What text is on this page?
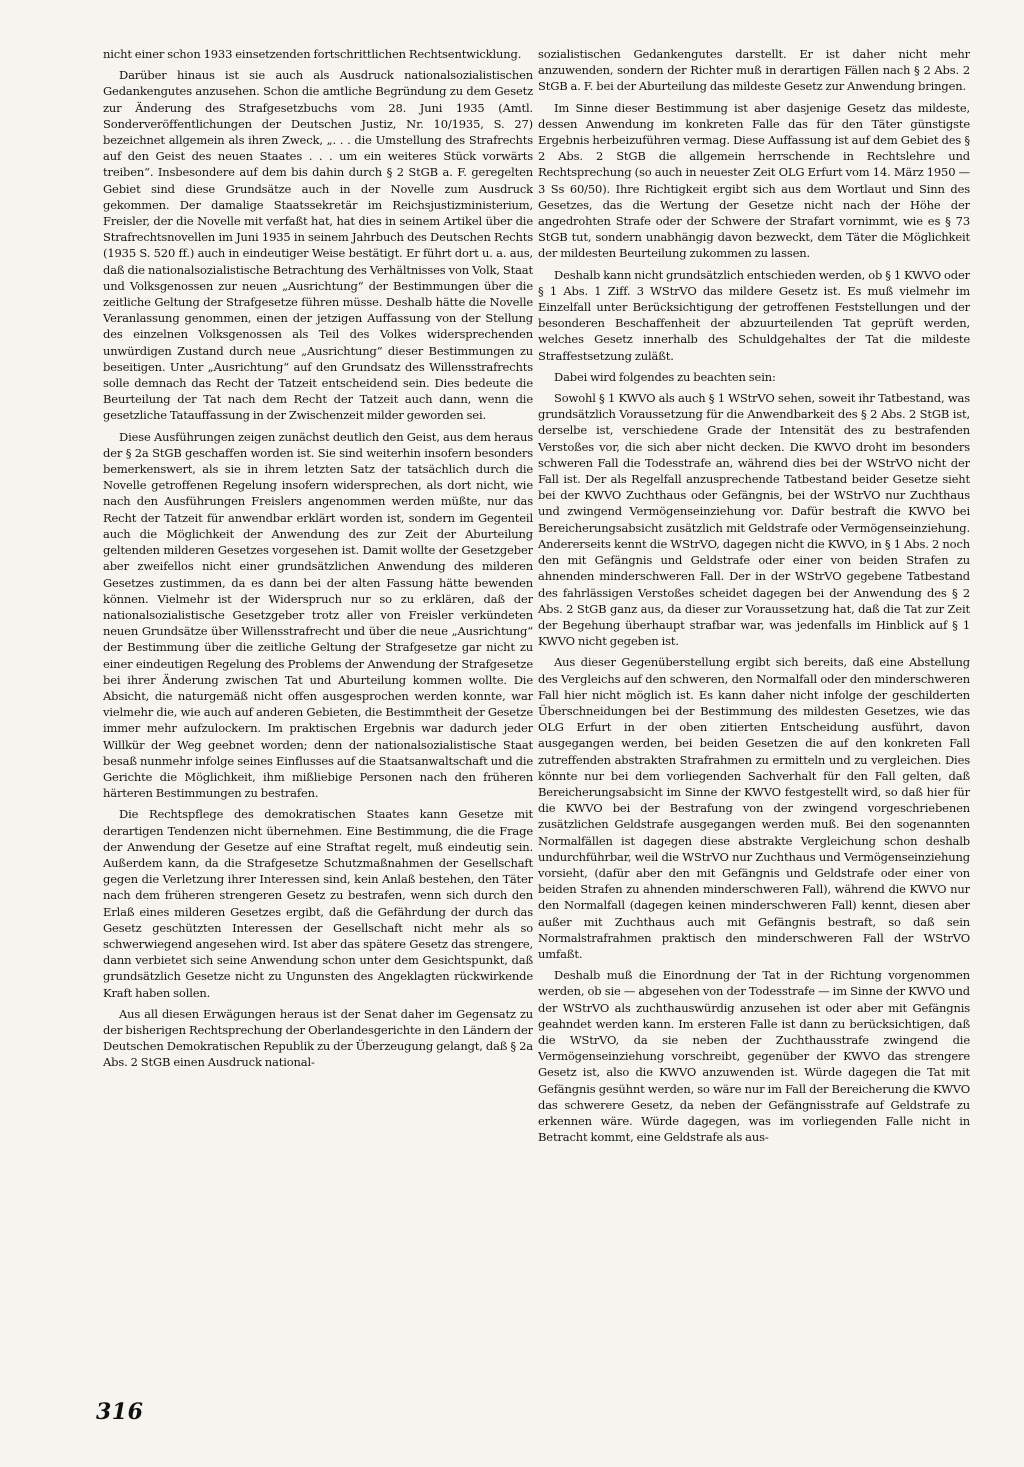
nicht einer schon 1933 einsetzenden fortschrittlichen Rechtsentwicklung.

Darüber hinaus ist sie auch als Ausdruck nationalsozialistischen Gedankengutes anzusehen. Schon die amtliche Begründung zu dem Gesetz zur Änderung des Strafgesetzbuchs vom 28. Juni 1935 (Amtl. Sonderveröffentlichungen der Deutschen Justiz, Nr. 10/1935, S. 27) bezeichnet allgemein als ihren Zweck, „. . . die Umstellung des Strafrechts auf den Geist des neuen Staates . . . um ein weiteres Stück vorwärts treiben“. Insbesondere auf dem bis dahin durch § 2 StGB a. F. geregelten Gebiet sind diese Grundsätze auch in der Novelle zum Ausdruck gekommen. Der damalige Staatssekretär im Reichsjustizministerium, Freisler, der die Novelle mit verfaßt hat, hat dies in seinem Artikel über die Strafrechtsnovellen im Juni 1935 in seinem Jahrbuch des Deutschen Rechts (1935 S. 520 ff.) auch in eindeutiger Weise bestätigt. Er führt dort u. a. aus, daß die nationalsozialistische Betrachtung des Verhältnisses von Volk, Staat und Volksgenossen zur neuen „Ausrichtung“ der Bestimmungen über die zeitliche Geltung der Strafgesetze führen müsse. Deshalb hätte die Novelle Veranlassung genommen, einen der jetzigen Auffassung von der Stellung des einzelnen Volksgenossen als Teil des Volkes widersprechenden unwürdigen Zustand durch neue „Ausrichtung“ dieser Bestimmungen zu beseitigen. Unter „Ausrichtung“ auf den Grundsatz des Willensstrafrechts solle demnach das Recht der Tatzeit entscheidend sein. Dies bedeute die Beurteilung der Tat nach dem Recht der Tatzeit auch dann, wenn die gesetzliche Tatauffassung in der Zwischenzeit milder geworden sei.

Diese Ausführungen zeigen zunächst deutlich den Geist, aus dem heraus der § 2a StGB geschaffen worden ist. Sie sind weiterhin insofern besonders bemerkenswert, als sie in ihrem letzten Satz der tatsächlich durch die Novelle getroffenen Regelung insofern widersprechen, als dort nicht, wie nach den Ausführungen Freislers angenommen werden müßte, nur das Recht der Tatzeit für anwendbar erklärt worden ist, sondern im Gegenteil auch die Möglichkeit der Anwendung des zur Zeit der Aburteilung geltenden milderen Gesetzes vorgesehen ist. Damit wollte der Gesetzgeber aber zweifellos nicht einer grundsätzlichen Anwendung des milderen Gesetzes zustimmen, da es dann bei der alten Fassung hätte bewenden können. Vielmehr ist der Widerspruch nur so zu erklären, daß der nationalsozialistische Gesetzgeber trotz aller von Freisler verkündeten neuen Grundsätze über Willensstrafrecht und über die neue „Ausrichtung“ der Bestimmung über die zeitliche Geltung der Strafgesetze gar nicht zu einer eindeutigen Regelung des Problems der Anwendung der Strafgesetze bei ihrer Änderung zwischen Tat und Aburteilung kommen wollte. Die Absicht, die naturgemäß nicht offen ausgesprochen werden konnte, war vielmehr die, wie auch auf anderen Gebieten, die Bestimmtheit der Gesetze immer mehr aufzulockern. Im praktischen Ergebnis war dadurch jeder Willkür der Weg geebnet worden; denn der nationalsozialistische Staat besaß nunmehr infolge seines Einflusses auf die Staatsanwaltschaft und die Gerichte die Möglichkeit, ihm mißliebige Personen nach den früheren härteren Bestimmungen zu bestrafen.

Die Rechtspflege des demokratischen Staates kann Gesetze mit derartigen Tendenzen nicht übernehmen. Eine Bestimmung, die die Frage der Anwendung der Gesetze auf eine Straftat regelt, muß eindeutig sein. Außerdem kann, da die Strafgesetze Schutzmaßnahmen der Gesellschaft gegen die Verletzung ihrer Interessen sind, kein Anlaß bestehen, den Täter nach dem früheren strengeren Gesetz zu bestrafen, wenn sich durch den Erlaß eines milderen Gesetzes ergibt, daß die Gefährdung der durch das Gesetz geschützten Interessen der Gesellschaft nicht mehr als so schwerwiegend angesehen wird. Ist aber das spätere Gesetz das strengere, dann verbietet sich seine Anwendung schon unter dem Gesichtspunkt, daß grundsätzlich Gesetze nicht zu Ungunsten des Angeklagten rückwirkende Kraft haben sollen.

Aus all diesen Erwägungen heraus ist der Senat daher im Gegensatz zu der bisherigen Rechtsprechung der Oberlandesgerichte in den Ländern der Deutschen Demokratischen Republik zu der Überzeugung gelangt, daß § 2a Abs. 2 StGB einen Ausdruck national-

sozialistischen Gedankengutes darstellt. Er ist daher nicht mehr anzuwenden, sondern der Richter muß in derartigen Fällen nach § 2 Abs. 2 StGB a. F. bei der Aburteilung das mildeste Gesetz zur Anwendung bringen.

Im Sinne dieser Bestimmung ist aber dasjenige Gesetz das mildeste, dessen Anwendung im konkreten Falle das für den Täter günstigste Ergebnis herbeizuführen vermag. Diese Auffassung ist auf dem Gebiet des § 2 Abs. 2 StGB die allgemein herrschende in Rechtslehre und Rechtsprechung (so auch in neuester Zeit OLG Erfurt vom 14. März 1950 — 3 Ss 60/50). Ihre Richtigkeit ergibt sich aus dem Wortlaut und Sinn des Gesetzes, das die Wertung der Gesetze nicht nach der Höhe der angedrohten Strafe oder der Schwere der Strafart vornimmt, wie es § 73 StGB tut, sondern unabhängig davon bezweckt, dem Täter die Möglichkeit der mildesten Beurteilung zukommen zu lassen.

Deshalb kann nicht grundsätzlich entschieden werden, ob § 1 KWVO oder § 1 Abs. 1 Ziff. 3 WStrVO das mildere Gesetz ist. Es muß vielmehr im Einzelfall unter Berücksichtigung der getroffenen Feststellungen und der besonderen Beschaffenheit der abzuurteilenden Tat geprüft werden, welches Gesetz innerhalb des Schuldgehaltes der Tat die mildeste Straffestsetzung zuläßt.

Dabei wird folgendes zu beachten sein:

Sowohl § 1 KWVO als auch § 1 WStrVO sehen, soweit ihr Tatbestand, was grundsätzlich Voraussetzung für die Anwendbarkeit des § 2 Abs. 2 StGB ist, derselbe ist, verschiedene Grade der Intensität des zu bestrafenden Verstoßes vor, die sich aber nicht decken. Die KWVO droht im besonders schweren Fall die Todesstrafe an, während dies bei der WStrVO nicht der Fall ist. Der als Regelfall anzusprechende Tatbestand beider Gesetze sieht bei der KWVO Zuchthaus oder Gefängnis, bei der WStrVO nur Zuchthaus und zwingend Vermögenseinziehung vor. Dafür bestraft die KWVO bei Bereicherungsabsicht zusätzlich mit Geldstrafe oder Vermögenseinziehung. Andererseits kennt die WStrVO, dagegen nicht die KWVO, in § 1 Abs. 2 noch den mit Gefängnis und Geldstrafe oder einer von beiden Strafen zu ahnenden minderschweren Fall. Der in der WStrVO gegebene Tatbestand des fahrlässigen Verstoßes scheidet dagegen bei der Anwendung des § 2 Abs. 2 StGB ganz aus, da dieser zur Voraussetzung hat, daß die Tat zur Zeit der Begehung überhaupt strafbar war, was jedenfalls im Hinblick auf § 1 KWVO nicht gegeben ist.

Aus dieser Gegenüberstellung ergibt sich bereits, daß eine Abstellung des Vergleichs auf den schweren, den Normalfall oder den minderschweren Fall hier nicht möglich ist. Es kann daher nicht infolge der geschilderten Überschneidungen bei der Bestimmung des mildesten Gesetzes, wie das OLG Erfurt in der oben zitierten Entscheidung ausführt, davon ausgegangen werden, bei beiden Gesetzen die auf den konkreten Fall zutreffenden abstrakten Strafrahmen zu ermitteln und zu vergleichen. Dies könnte nur bei dem vorliegenden Sachverhalt für den Fall gelten, daß Bereicherungsabsicht im Sinne der KWVO festgestellt wird, so daß hier für die KWVO bei der Bestrafung von der zwingend vorgeschriebenen zusätzlichen Geldstrafe ausgegangen werden muß. Bei den sogenannten Normalfällen ist dagegen diese abstrakte Vergleichung schon deshalb undurchführbar, weil die WStrVO nur Zuchthaus und Vermögenseinziehung vorsieht, (dafür aber den mit Gefängnis und Geldstrafe oder einer von beiden Strafen zu ahnenden minderschweren Fall), während die KWVO nur den Normalfall (dagegen keinen minderschweren Fall) kennt, diesen aber außer mit Zuchthaus auch mit Gefängnis bestraft, so daß sein Normalstrafrahmen praktisch den minderschweren Fall der WStrVO umfaßt.

Deshalb muß die Einordnung der Tat in der Richtung vorgenommen werden, ob sie — abgesehen von der Todesstrafe — im Sinne der KWVO und der WStrVO als zuchthauswürdig anzusehen ist oder aber mit Gefängnis geahndet werden kann. Im ersteren Falle ist dann zu berücksichtigen, daß die WStrVO, da sie neben der Zuchthausstrafe zwingend die Vermögenseinziehung vorschreibt, gegenüber der KWVO das strengere Gesetz ist, also die KWVO anzuwenden ist. Würde dagegen die Tat mit Gefängnis gesühnt werden, so wäre nur im Fall der Bereicherung die KWVO das schwerere Gesetz, da neben der Gefängnisstrafe auf Geldstrafe zu erkennen wäre. Würde dagegen, was im vorliegenden Falle nicht in Betracht kommt, eine Geldstrafe als aus-

316
